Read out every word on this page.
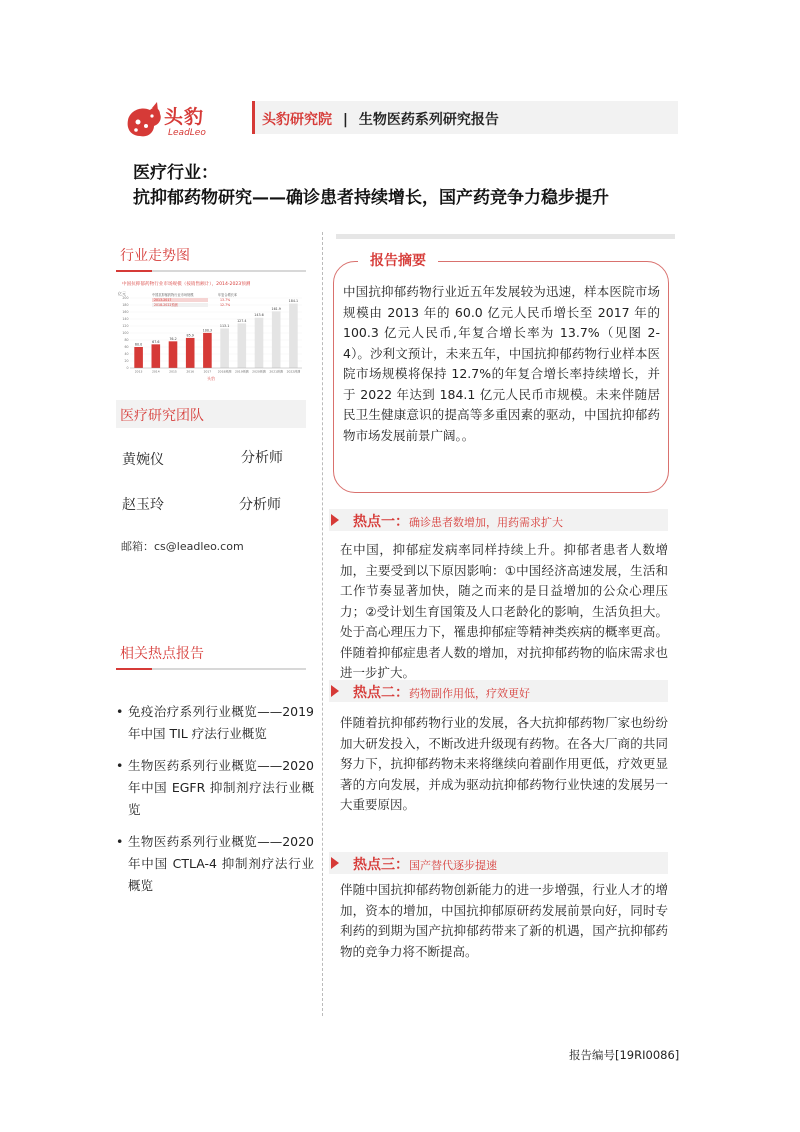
头豹
LeadLeo
头豹研究院 | 生物医药系列研究报告
医疗行业：
抗抑郁药物研究——确诊患者持续增长，国产药竞争力稳步提升
行业走势图
中国抗抑郁药物行业市场规模（按销售额计），2014-2023预测
亿元
60.0
67.6
76.2
85.9
100.3
113.1
127.4
143.6
161.9
184.1
0
20
40
60
80
100
120
140
160
180
200
2013	2014	2015	2016	2017 2018预测 2019预测 2020预测 2021预测 2022预测
中国抗抑郁药物行业市场规模	年复合增长率
2013-2017	13.7%
2018-2022预测	12.7%
头豹
医疗研究团队
黄婉仪	分析师
赵玉玲	分析师
邮箱：cs@leadleo.com
相关热点报告
• 免疫治疗系列行业概览——2019 年中国 TIL 疗法行业概览
• 生物医药系列行业概览——2020 年中国 EGFR 抑制剂疗法行业概览
• 生物医药系列行业概览——2020 年中国 CTLA-4 抑制剂疗法行业概览
报告摘要
中国抗抑郁药物行业近五年发展较为迅速，样本医院市场规模由 2013 年的 60.0 亿元人民币增长至 2017 年的 100.3 亿元人民币,年复合增长率为 13.7%（见图 2-4）。沙利文预计，未来五年，中国抗抑郁药物行业样本医院市场规模将保持 12.7%的年复合增长率持续增长，并于 2022 年达到 184.1 亿元人民币市规模。未来伴随居民卫生健康意识的提高等多重因素的驱动，中国抗抑郁药物市场发展前景广阔。。
热点一：确诊患者数增加，用药需求扩大
在中国，抑郁症发病率同样持续上升。抑郁者患者人数增加，主要受到以下原因影响：①中国经济高速发展，生活和工作节奏显著加快，随之而来的是日益增加的公众心理压力；②受计划生育国策及人口老龄化的影响，生活负担大。处于高心理压力下，罹患抑郁症等精神类疾病的概率更高。伴随着抑郁症患者人数的增加，对抗抑郁药物的临床需求也进一步扩大。
热点二：药物副作用低，疗效更好
伴随着抗抑郁药物行业的发展，各大抗抑郁药物厂家也纷纷加大研发投入，不断改进升级现有药物。在各大厂商的共同努力下，抗抑郁药物未来将继续向着副作用更低，疗效更显著的方向发展，并成为驱动抗抑郁药物行业快速的发展另一大重要原因。
热点三：国产替代逐步提速
伴随中国抗抑郁药物创新能力的进一步增强，行业人才的增加，资本的增加，中国抗抑郁原研药发展前景向好，同时专利药的到期为国产抗抑郁药带来了新的机遇，国产抗抑郁药物的竞争力将不断提高。
报告编号[19RI0086]
